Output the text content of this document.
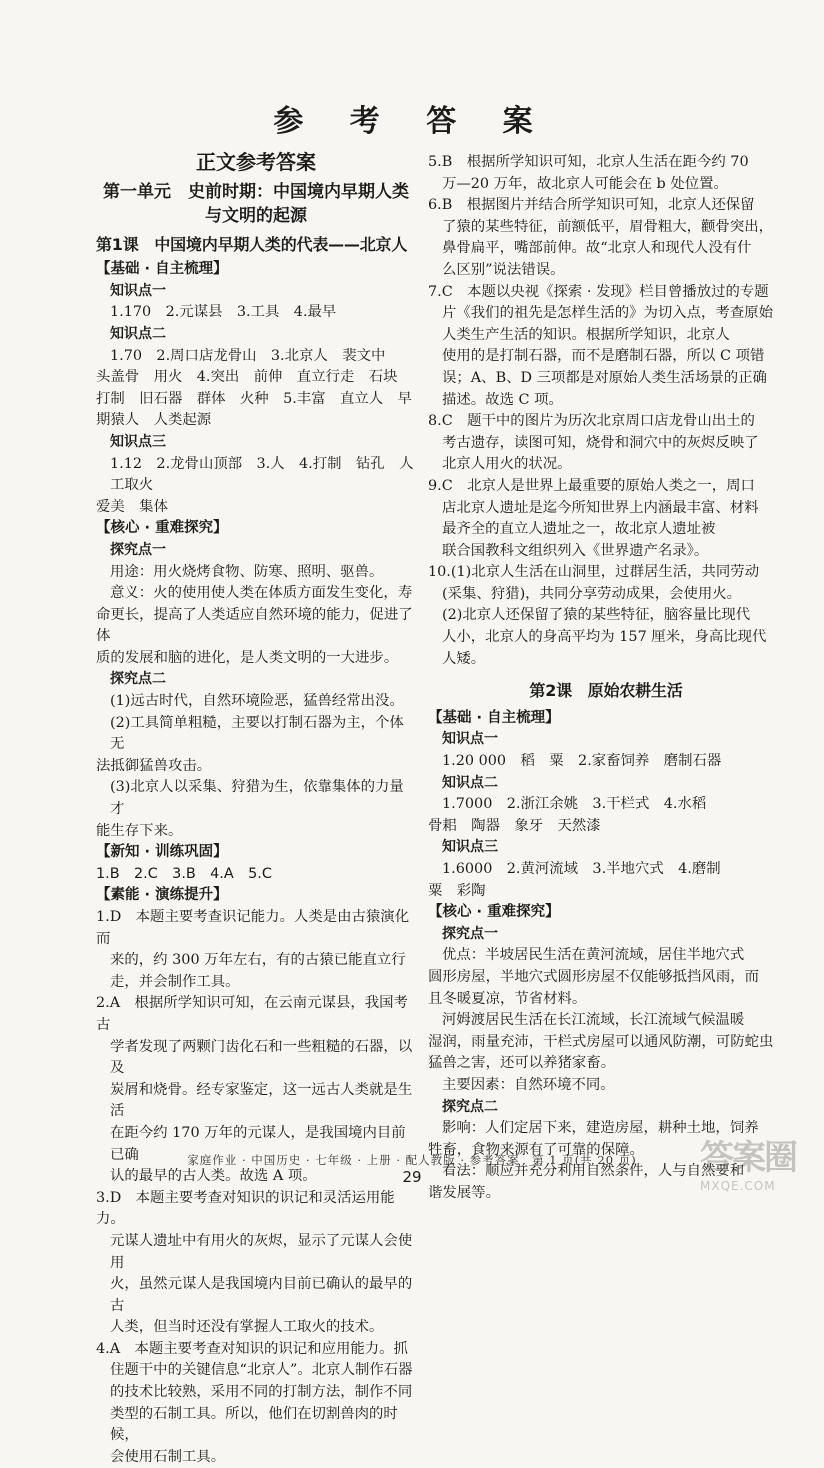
参 考 答 案
正文参考答案
第一单元　史前时期：中国境内早期人类
与文明的起源
第1课　中国境内早期人类的代表——北京人
【基础 · 自主梳理】
知识点一
1.170　2.元谋县　3.工具　4.最早
知识点二
1.70　2.周口店龙骨山　3.北京人　裴文中
头盖骨　用火　4.突出　前伸　直立行走　石块
打制　旧石器　群体　火种　5.丰富　直立人　早
期猿人　人类起源
知识点三
1.12　2.龙骨山顶部　3.人　4.打制　钻孔　人工取火
爱美　集体
【核心 · 重难探究】
探究点一
用途：用火烧烤食物、防寒、照明、驱兽。
意义：火的使用使人类在体质方面发生变化，寿
命更长，提高了人类适应自然环境的能力，促进了体
质的发展和脑的进化，是人类文明的一大进步。
探究点二
(1)远古时代，自然环境险恶，猛兽经常出没。
(2)工具简单粗糙，主要以打制石器为主，个体无
法抵御猛兽攻击。
(3)北京人以采集、狩猎为生，依靠集体的力量才
能生存下来。
【新知 · 训练巩固】
1.B　2.C　3.B　4.A　5.C
【素能 · 演练提升】
1.D　本题主要考查识记能力。人类是由古猿演化而
来的，约 300 万年左右，有的古猿已能直立行
走，并会制作工具。
2.A　根据所学知识可知，在云南元谋县，我国考古
学者发现了两颗门齿化石和一些粗糙的石器，以及
炭屑和烧骨。经专家鉴定，这一远古人类就是生活
在距今约 170 万年的元谋人，是我国境内目前已确
认的最早的古人类。故选 A 项。
3.D　本题主要考查对知识的识记和灵活运用能力。
元谋人遗址中有用火的灰烬，显示了元谋人会使用
火，虽然元谋人是我国境内目前已确认的最早的古
人类，但当时还没有掌握人工取火的技术。
4.A　本题主要考查对知识的识记和应用能力。抓
住题干中的关键信息“北京人”。北京人制作石器
的技术比较熟，采用不同的打制方法，制作不同
类型的石制工具。所以，他们在切割兽肉的时候，
会使用石制工具。
5.B　根据所学知识可知，北京人生活在距今约 70
万—20 万年，故北京人可能会在 b 处位置。
6.B　根据图片并结合所学知识可知，北京人还保留
了猿的某些特征，前额低平，眉骨粗大，颧骨突出，
鼻骨扁平，嘴部前伸。故“北京人和现代人没有什
么区别”说法错误。
7.C　本题以央视《探索 · 发现》栏目曾播放过的专题
片《我们的祖先是怎样生活的》为切入点，考查原始
人类生产生活的知识。根据所学知识，北京人
使用的是打制石器，而不是磨制石器，所以 C 项错
误；A、B、D 三项都是对原始人类生活场景的正确
描述。故选 C 项。
8.C　题干中的图片为历次北京周口店龙骨山出土的
考古遗存，读图可知，烧骨和洞穴中的灰烬反映了
北京人用火的状况。
9.C　北京人是世界上最重要的原始人类之一，周口
店北京人遗址是迄今所知世界上内涵最丰富、材料
最齐全的直立人遗址之一，故北京人遗址被
联合国教科文组织列入《世界遗产名录》。
10.(1)北京人生活在山洞里，过群居生活，共同劳动
(采集、狩猎)，共同分享劳动成果，会使用火。
(2)北京人还保留了猿的某些特征，脑容量比现代
人小，北京人的身高平均为 157 厘米，身高比现代
人矮。
第2课　原始农耕生活
【基础 · 自主梳理】
知识点一
1.20 000　稻　粟　2.家畜饲养　磨制石器
知识点二
1.7000　2.浙江余姚　3.干栏式　4.水稻
骨耜　陶器　象牙　天然漆
知识点三
1.6000　2.黄河流域　3.半地穴式　4.磨制
粟　彩陶
【核心 · 重难探究】
探究点一
优点：半坡居民生活在黄河流域，居住半地穴式
圆形房屋，半地穴式圆形房屋不仅能够抵挡风雨，而
且冬暖夏凉，节省材料。
河姆渡居民生活在长江流域，长江流域气候温暖
湿润，雨量充沛，干栏式房屋可以通风防潮，可防蛇虫
猛兽之害，还可以养猪家畜。
主要因素：自然环境不同。
探究点二
影响：人们定居下来，建造房屋，耕种土地，饲养
牲畜，食物来源有了可靠的保障。
看法：顺应并充分利用自然条件，人与自然要和
谐发展等。
家庭作业 · 中国历史 · 七年级 · 上册 · 配人教版 · 参考答案　第 1 页(共 20 页)
29	答案圈
MXQE.COM
